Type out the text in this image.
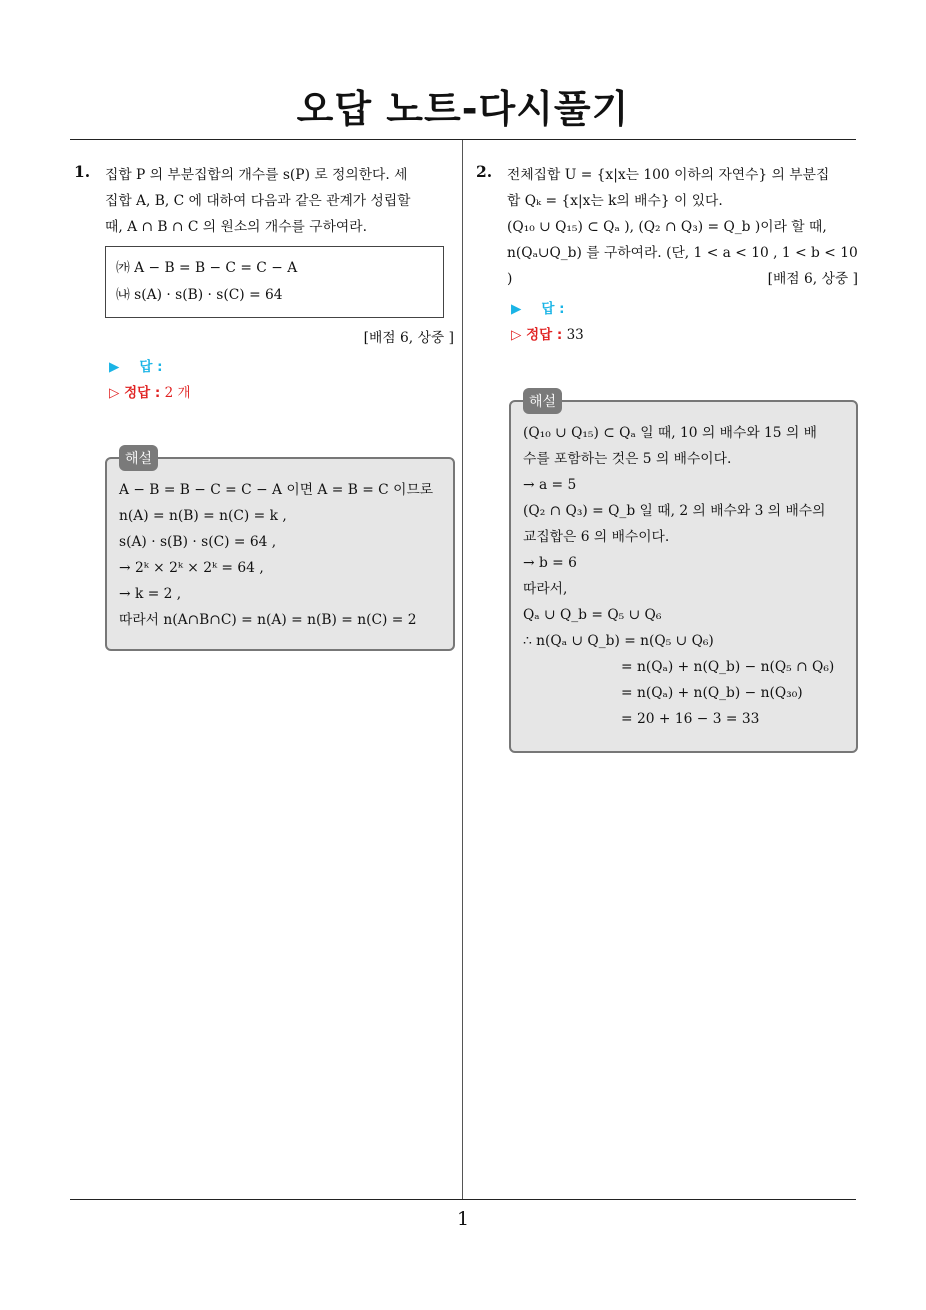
오답 노트-다시풀기
1. 집합 P 의 부분집합의 개수를 s(P) 로 정의한다. 세

집합 A, B, C 에 대하여 다음과 같은 관계가 성립할

때, A ∩ B ∩ C 의 원소의 개수를 구하여라.

㈎ A − B = B − C = C − A
㈏ s(A) · s(B) · s(C) = 64
[배점 6, 상중 ]
▶ 답 :
▷ 정답 : 2 개
해설

A − B = B − C = C − A 이면 A = B = C 이므로

n(A) = n(B) = n(C) = k ,

s(A) · s(B) · s(C) = 64 ,

→ 2ᵏ × 2ᵏ × 2ᵏ = 64 ,

→ k = 2 ,

따라서 n(A∩B∩C) = n(A) = n(B) = n(C) = 2

2. 전체집합 U = {x|x는 100 이하의 자연수} 의 부분집

합 Qₖ = {x|x는 k의 배수} 이 있다.

(Q₁₀ ∪ Q₁₅) ⊂ Qₐ ), (Q₂ ∩ Q₃) = Q_b )이라 할 때,

n(Qₐ∪Q_b) 를 구하여라. (단, 1 < a < 10 , 1 < b < 10

)	[배점 6, 상중 ]

▶ 답 :
▷ 정답 : 33
해설

(Q₁₀ ∪ Q₁₅) ⊂ Qₐ 일 때, 10 의 배수와 15 의 배

수를 포함하는 것은 5 의 배수이다.

→ a = 5

(Q₂ ∩ Q₃) = Q_b 일 때, 2 의 배수와 3 의 배수의

교집합은 6 의 배수이다.

→ b = 6

따라서,

Qₐ ∪ Q_b = Q₅ ∪ Q₆

∴ n(Qₐ ∪ Q_b) = n(Q₅ ∪ Q₆)

= n(Qₐ) + n(Q_b) − n(Q₅ ∩ Q₆)

= n(Qₐ) + n(Q_b) − n(Q₃₀)

= 20 + 16 − 3 = 33

1
